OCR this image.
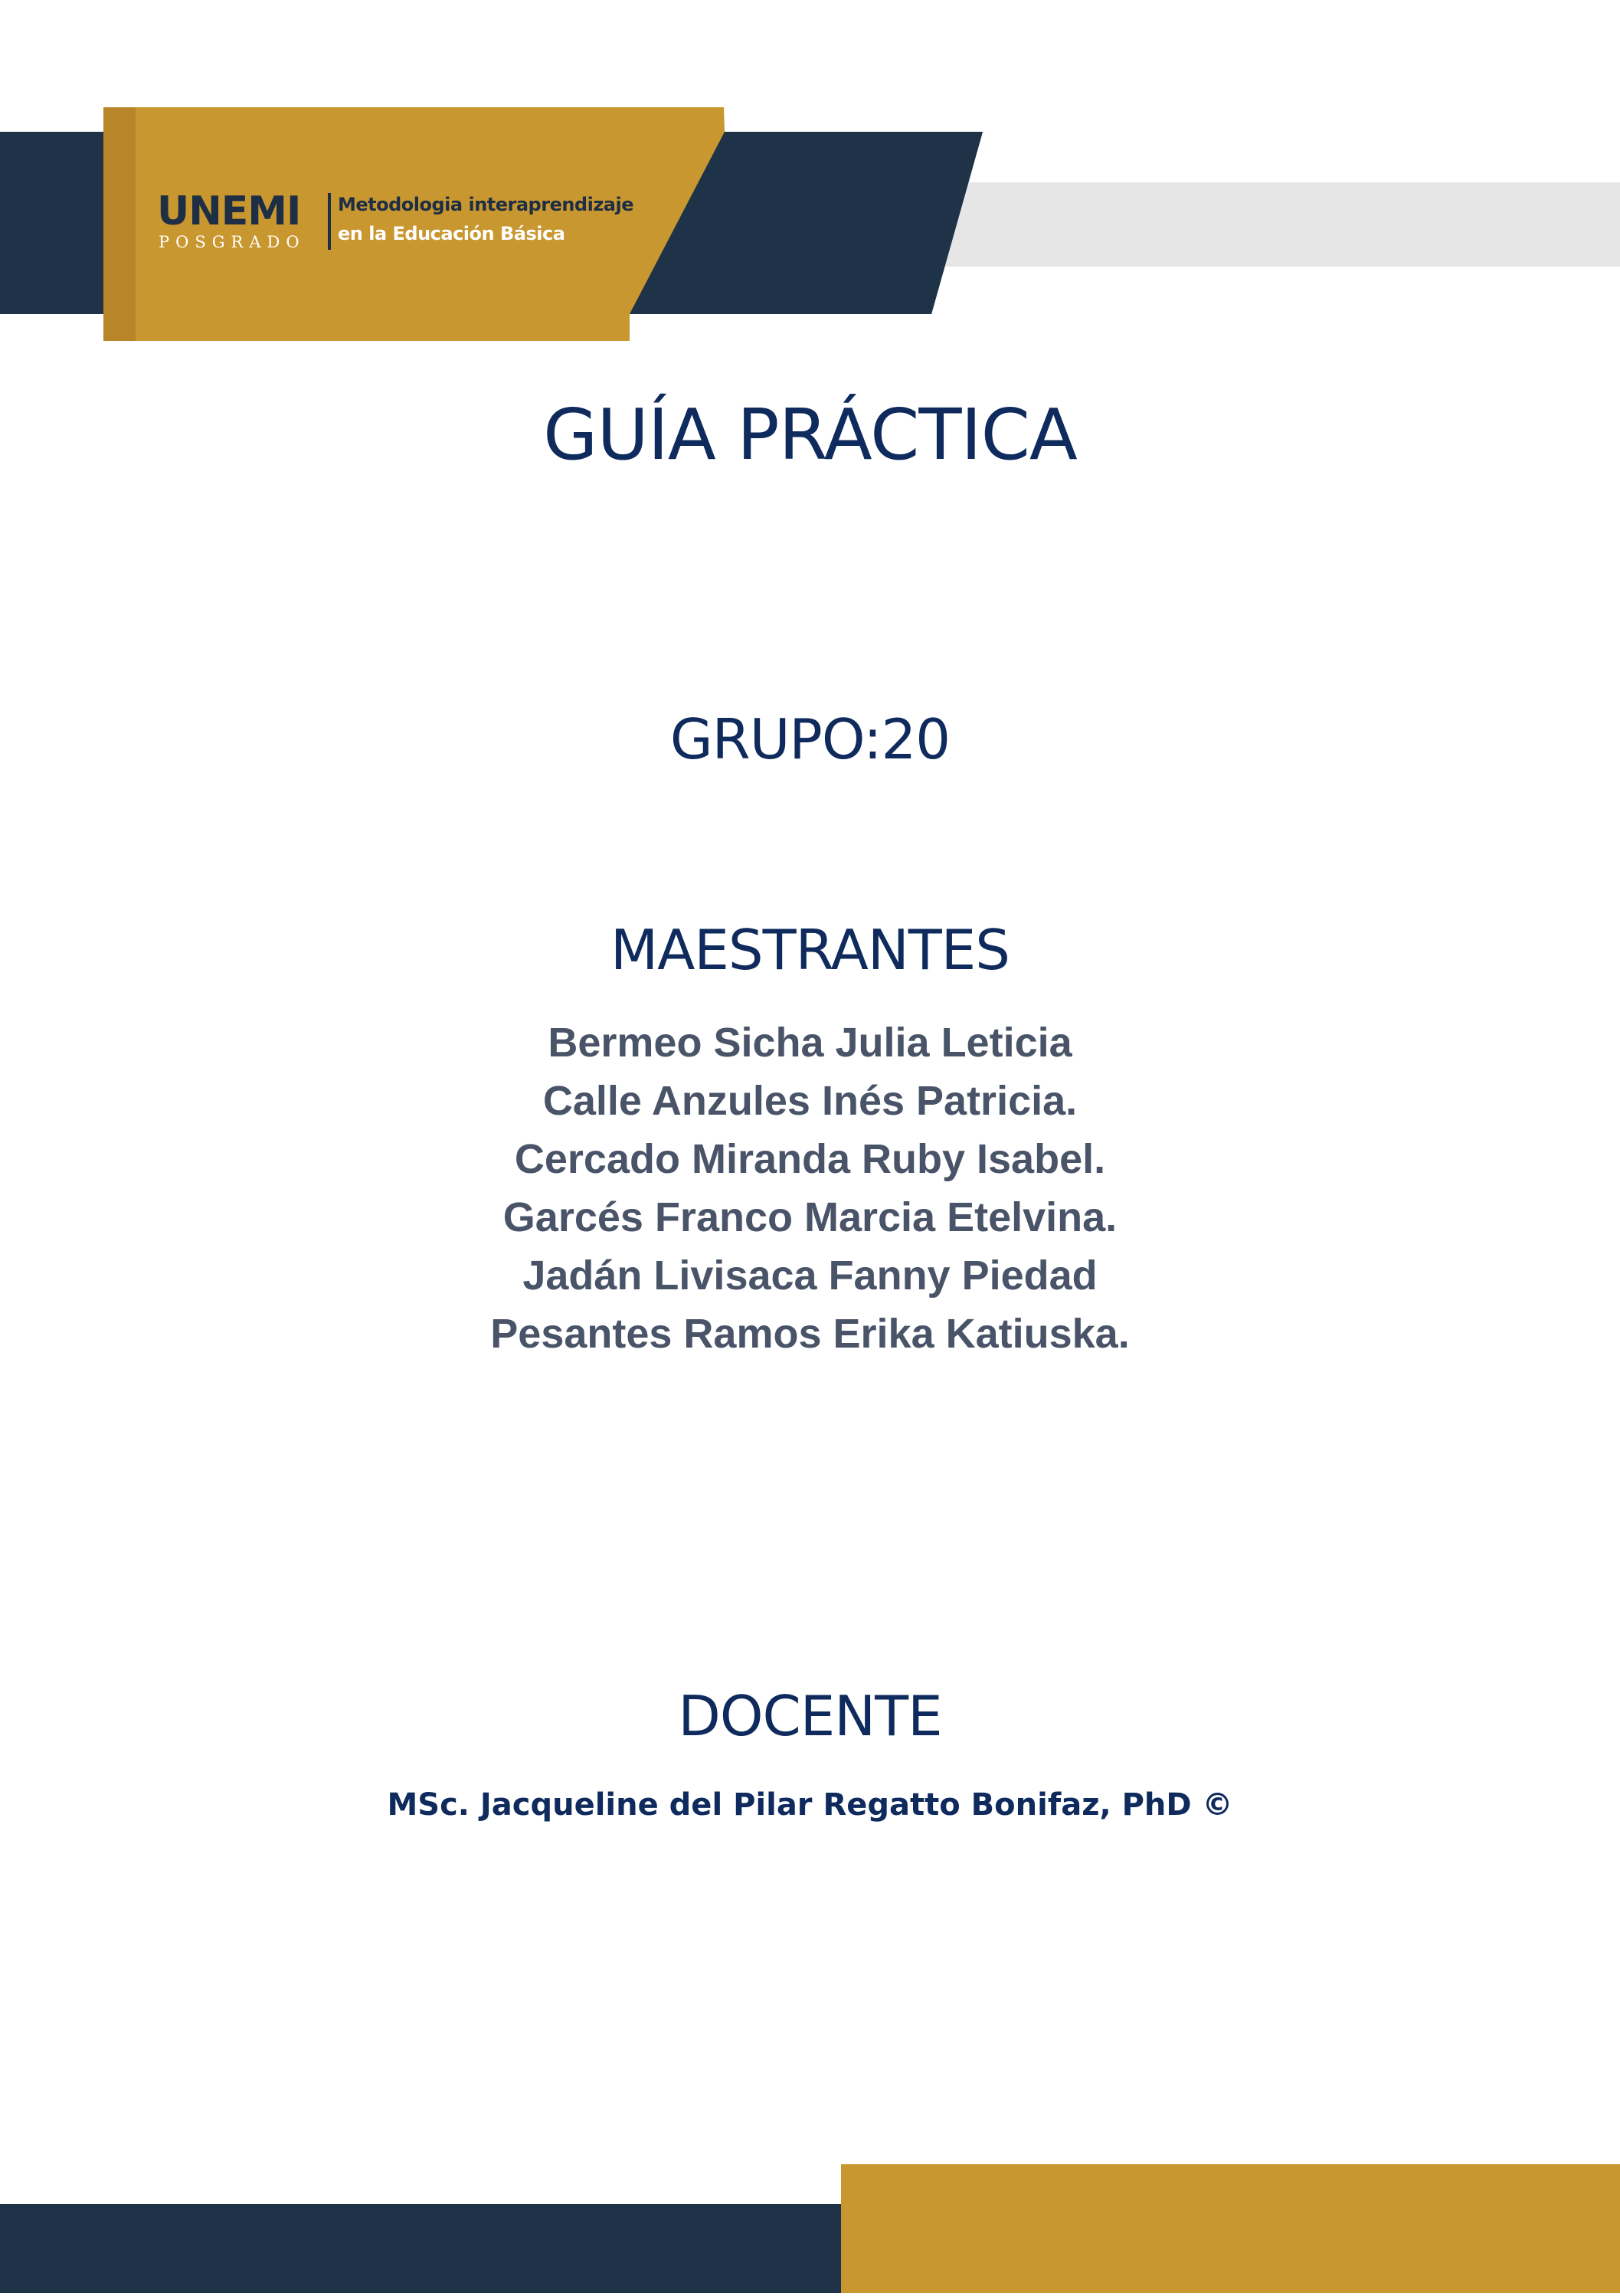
UNEMI
POSGRADO
Metodologia interaprendizaje
en la Educación Básica
GUÍA PRÁCTICA
GRUPO:20
MAESTRANTES
Bermeo Sicha Julia Leticia
Calle Anzules Inés Patricia.
Cercado Miranda Ruby Isabel.
Garcés Franco Marcia Etelvina.
Jadán Livisaca Fanny Piedad
Pesantes Ramos Erika Katiuska.
DOCENTE
MSc. Jacqueline del Pilar Regatto Bonifaz, PhD ©
